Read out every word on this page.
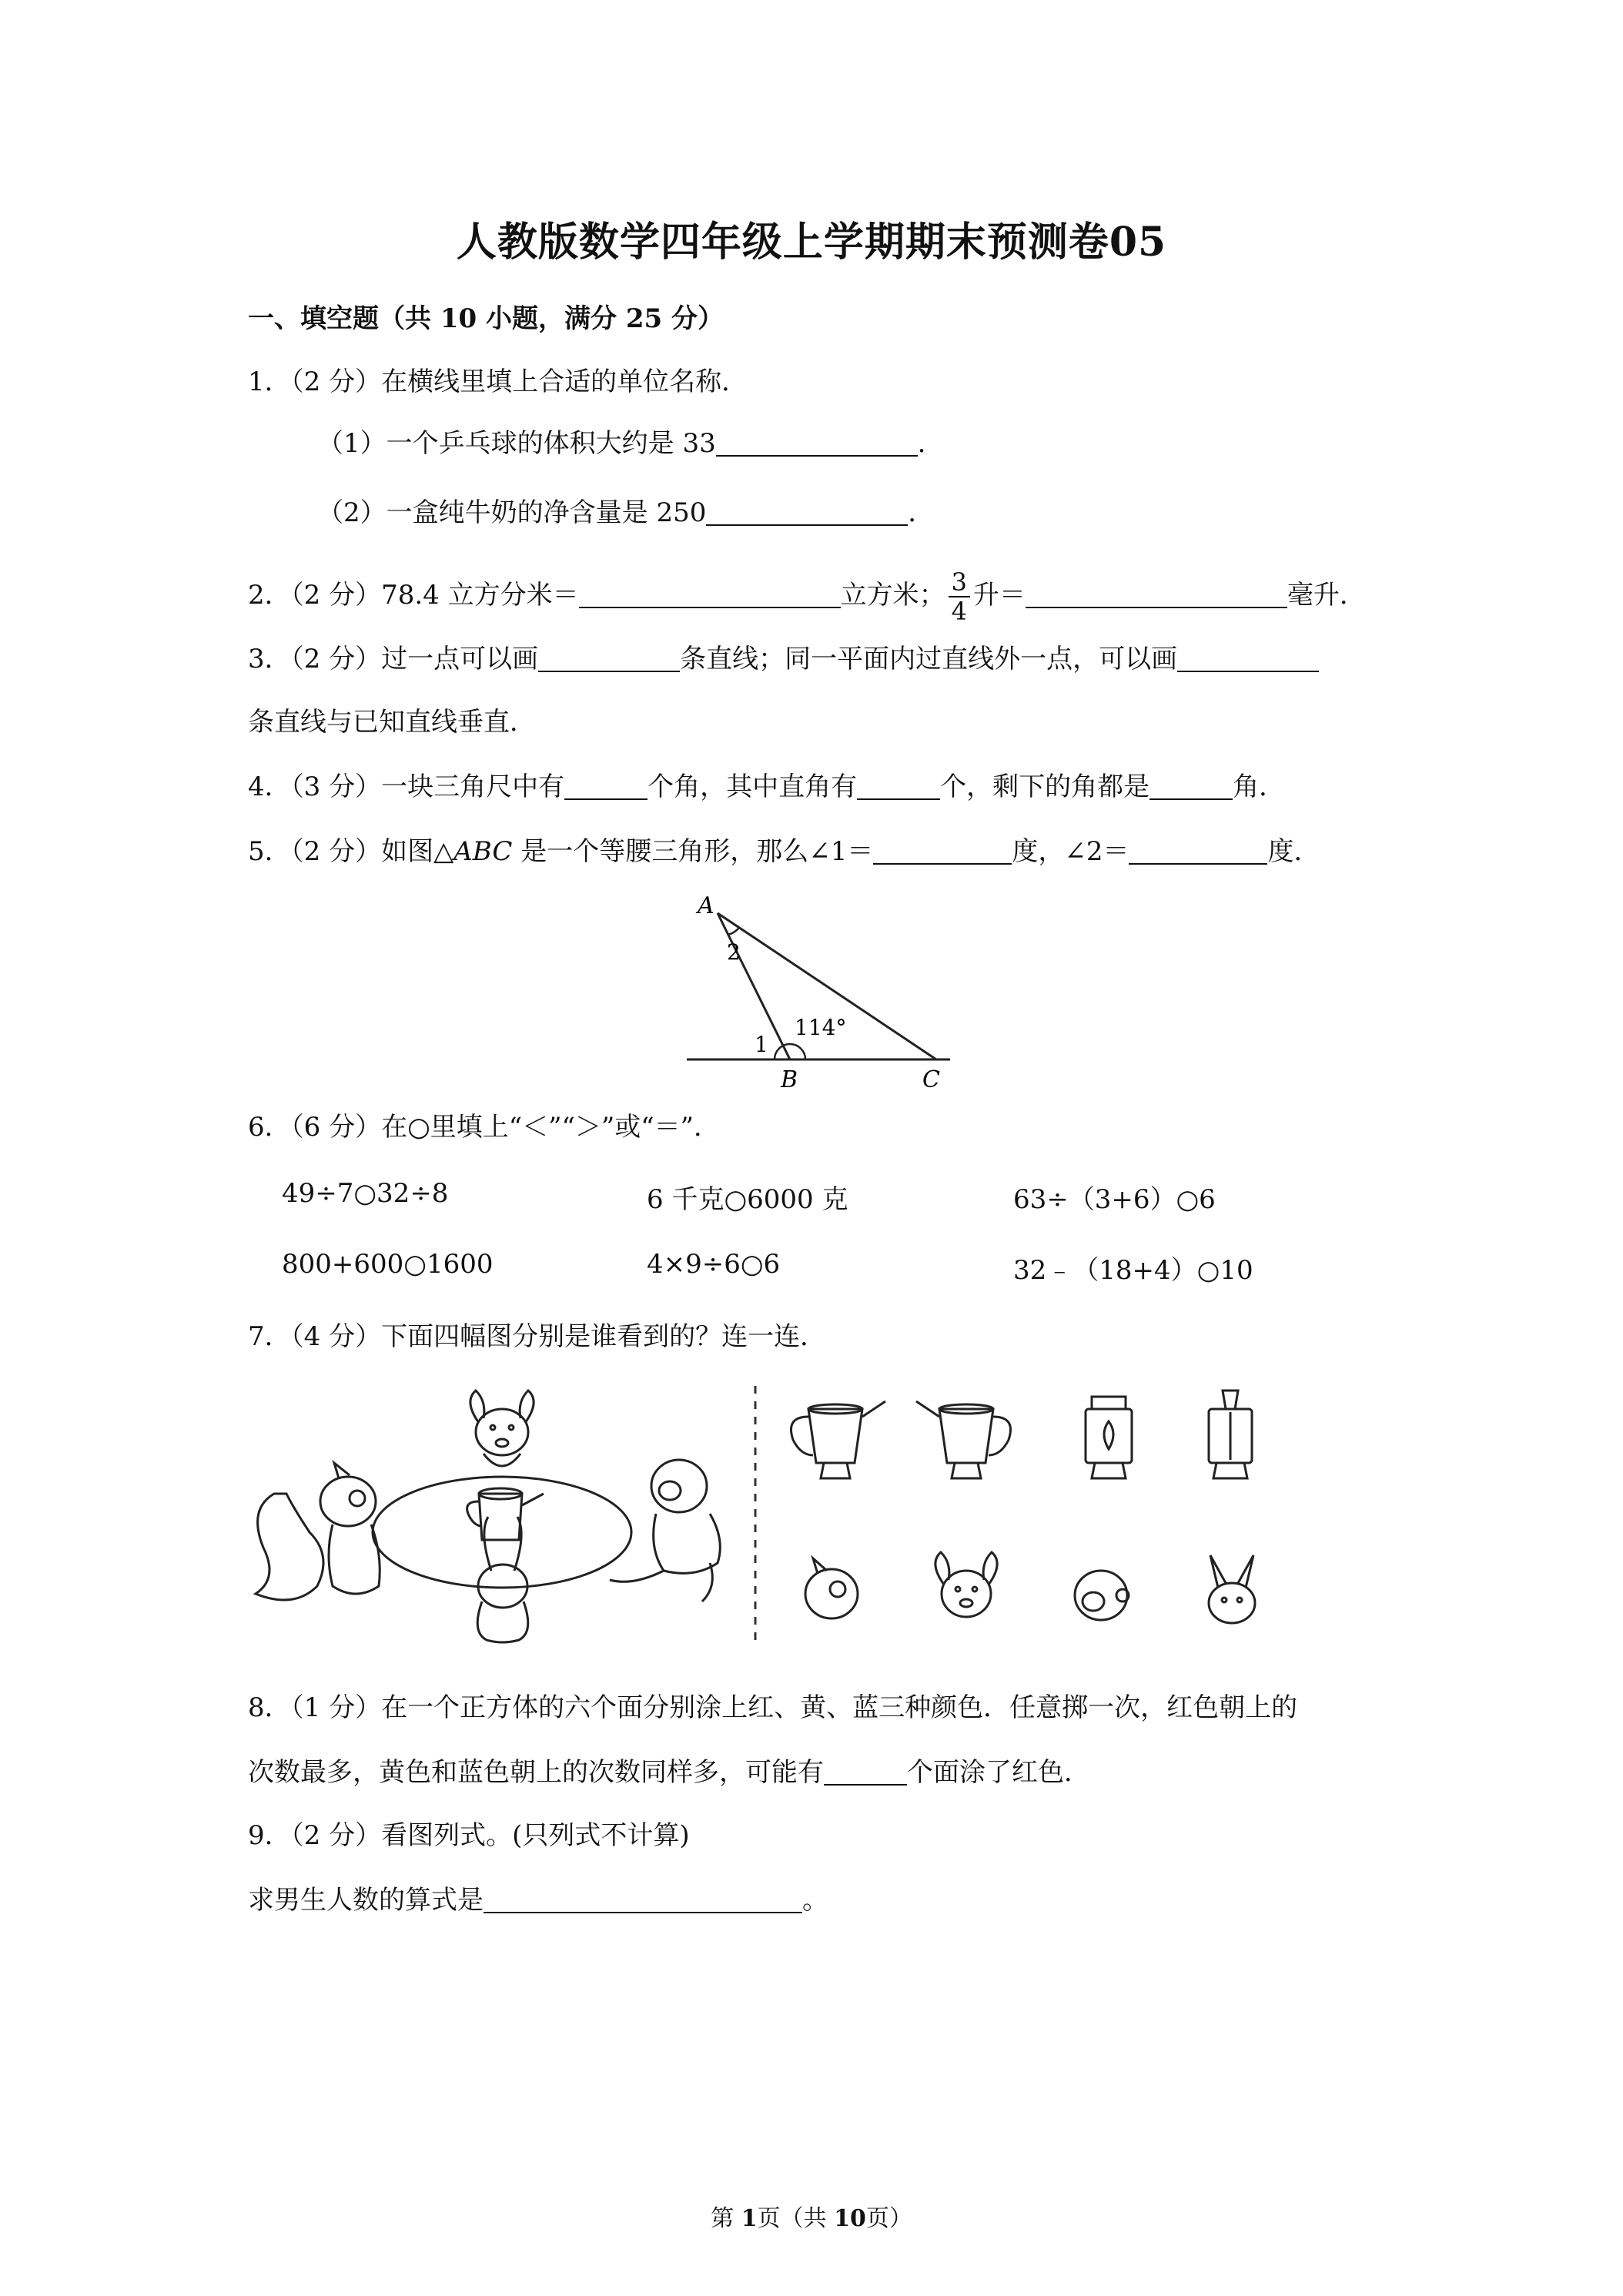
人教版数学四年级上学期期末预测卷05
一、填空题（共 10 小题，满分 25 分）
1．（2 分）在横线里填上合适的单位名称．
（1）一个乒乓球的体积大约是 33	．
（2）一盒纯牛奶的净含量是 250	．
2．（2 分）78.4 立方分米＝	立方米； $\frac{3}{4}$ 升＝	毫升．
3．（2 分）过一点可以画	条直线；同一平面内过直线外一点，可以画
条直线与已知直线垂直．
4．（3 分）一块三角尺中有	个角，其中直角有	个，剩下的角都是	角．
5．（2 分）如图△ABC 是一个等腰三角形，那么∠1＝	度，∠2＝	度．
A
B	C
1
2
114°
6．（6 分）在○里填上“＜”“＞”或“＝”．
49÷7○32÷8	6 千克○6000 克	63÷（3+6）○6
800+600○1600	4×9÷6○6	32﹣（18+4）○10
7．（4 分）下面四幅图分别是谁看到的？连一连．
8．（1 分）在一个正方体的六个面分别涂上红、黄、蓝三种颜色．任意掷一次，红色朝上的
次数最多，黄色和蓝色朝上的次数同样多，可能有	个面涂了红色．
9．（2 分）看图列式。(只列式不计算)
求男生人数的算式是	。
第 1页（共 10页）
